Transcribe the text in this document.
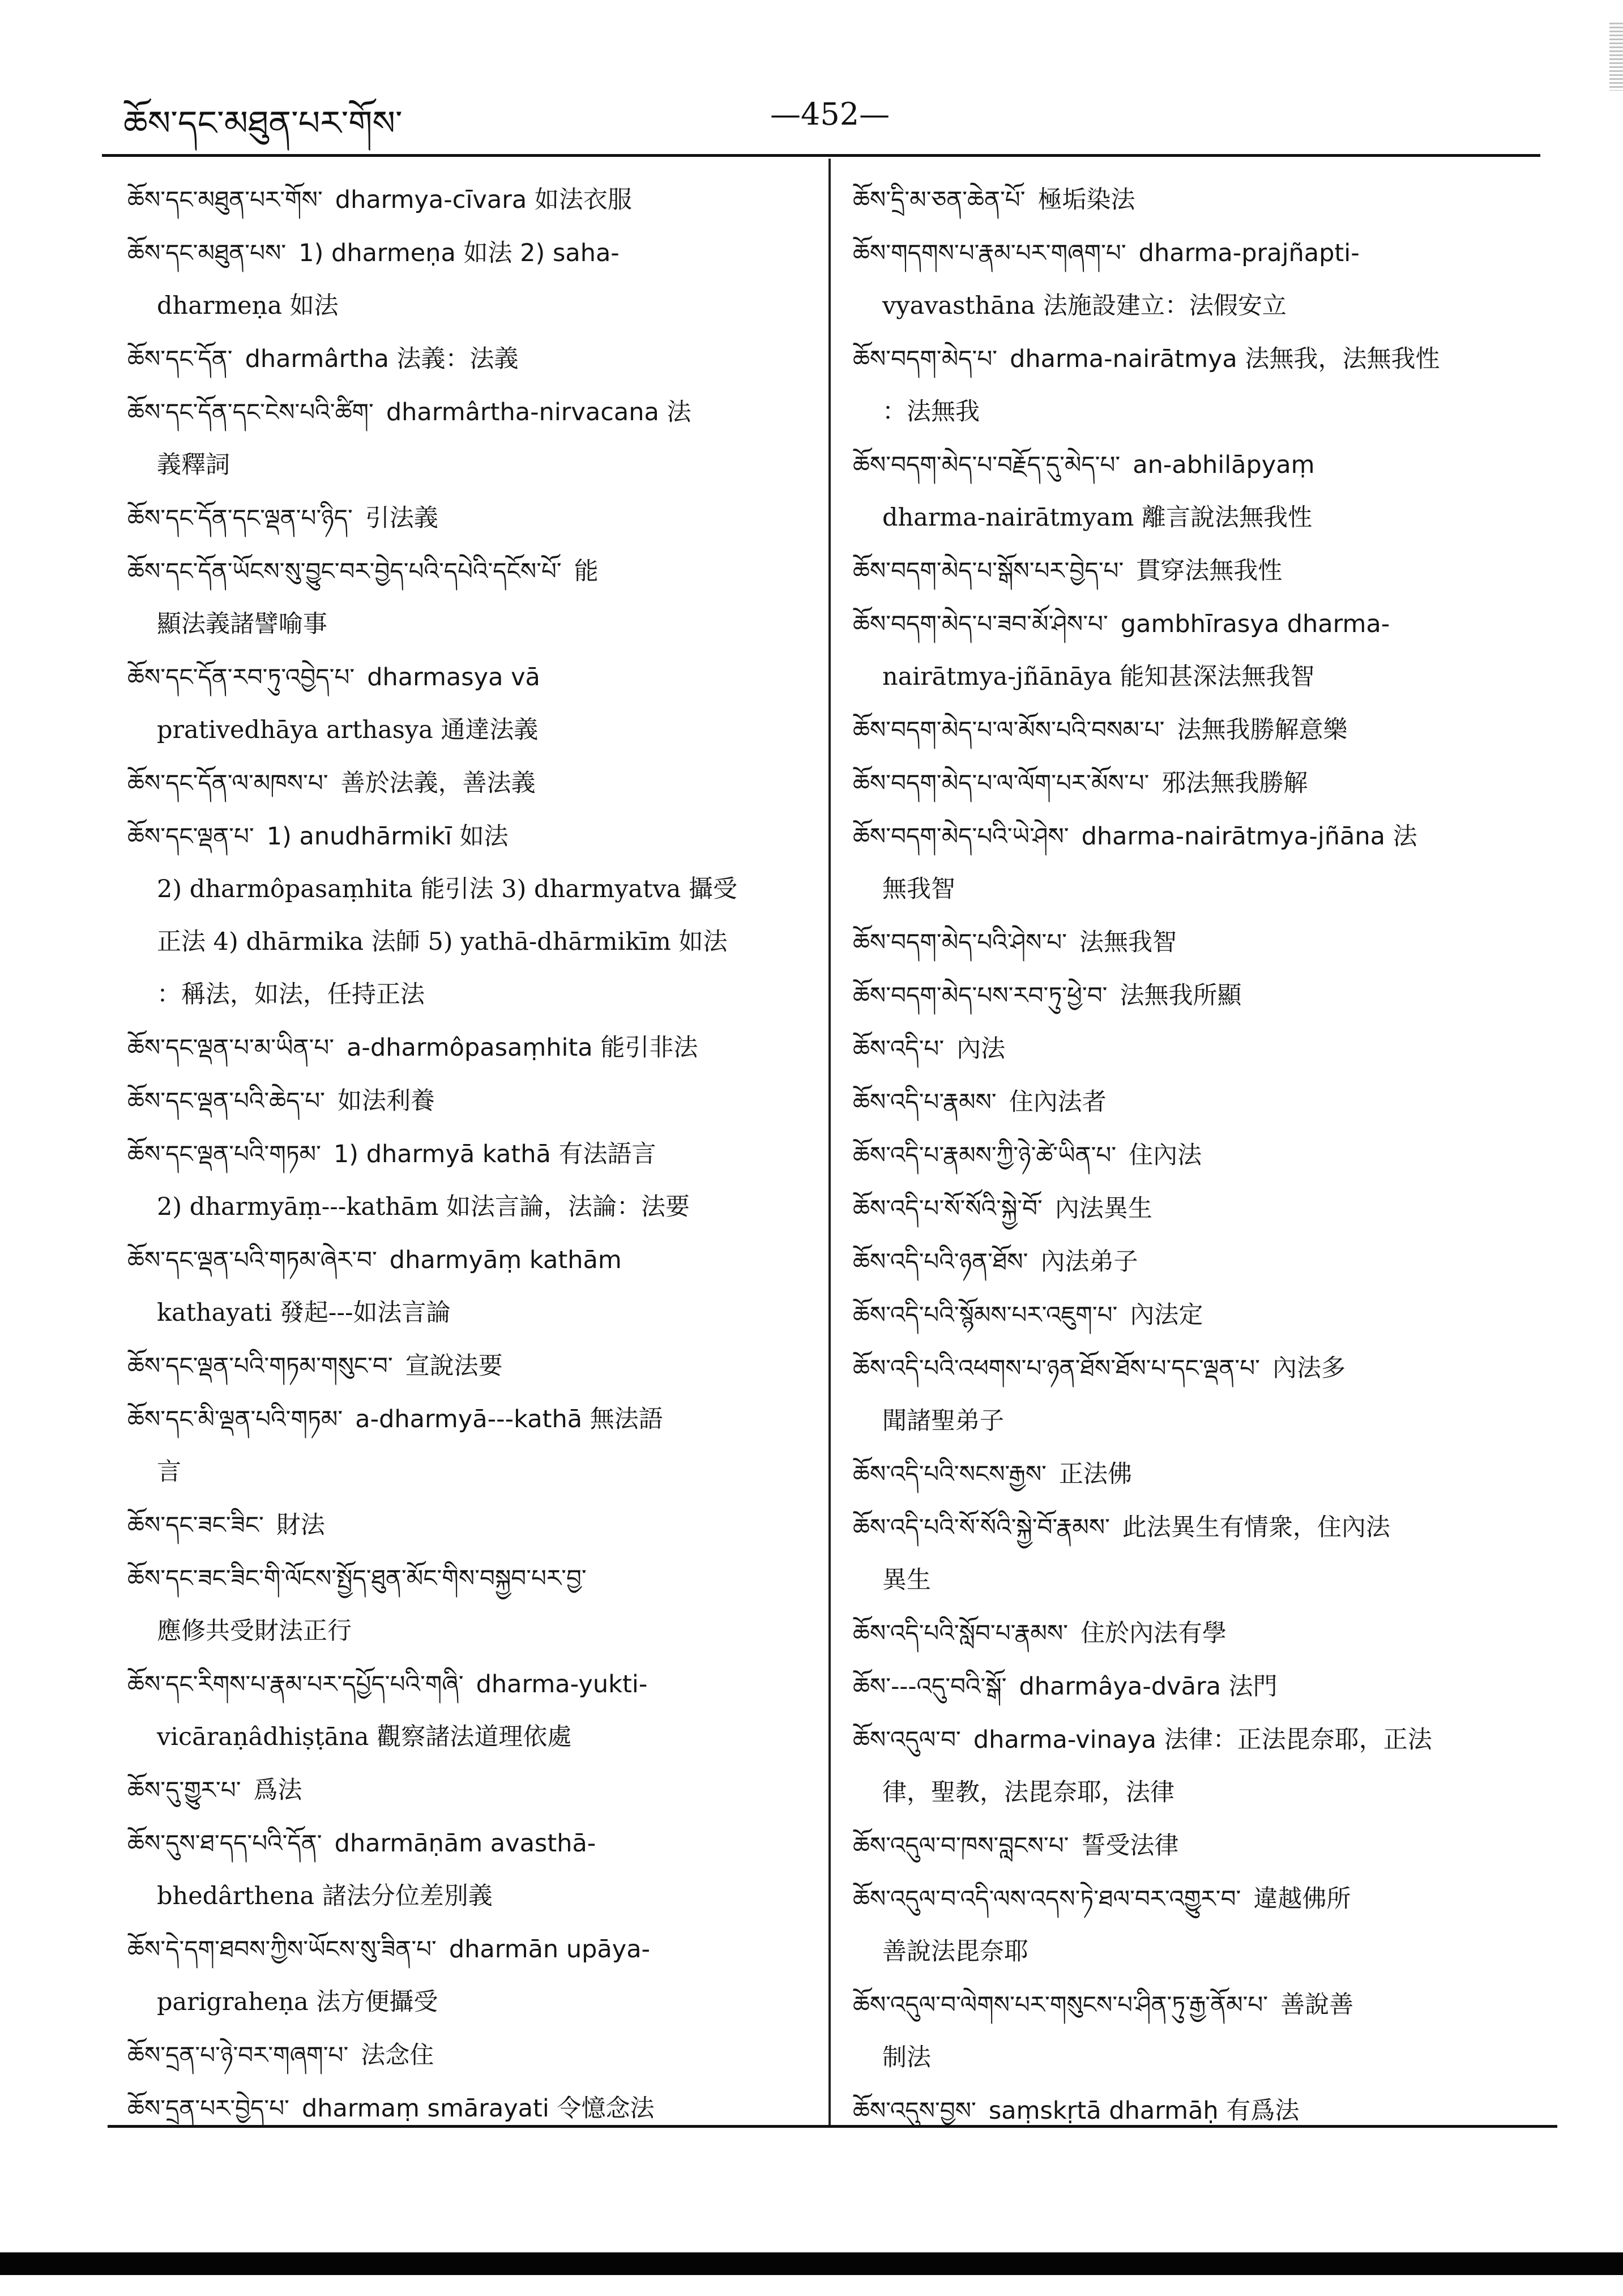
ཆོས་དང་མཐུན་པར་གོས་	—452—
ཆོས་དང་མཐུན་པར་གོས་ dharmya-cīvara 如法衣服
ཆོས་དང་མཐུན་པས་ 1) dharmeṇa 如法 2) saha-
dharmeṇa 如法
ཆོས་དང་དོན་ dharmârtha 法義：法義
ཆོས་དང་དོན་དང་ངེས་པའི་ཚིག་ dharmârtha-nirvacana 法
義釋詞
ཆོས་དང་དོན་དང་ལྡན་པ་ཉིད་ 引法義
ཆོས་དང་དོན་ཡོངས་སུ་བྱུང་བར་བྱེད་པའི་དཔེའི་དངོས་པོ་ 能
顯法義諸譬喻事
ཆོས་དང་དོན་རབ་ཏུ་འབྱེད་པ་ dharmasya vā
prativedhāya arthasya 通達法義
ཆོས་དང་དོན་ལ་མཁས་པ་ 善於法義，善法義
ཆོས་དང་ལྡན་པ་ 1) anudhārmikī 如法
2) dharmôpasaṃhita 能引法 3) dharmyatva 攝受
正法 4) dhārmika 法師 5) yathā-dhārmikīm 如法
：稱法，如法，任持正法
ཆོས་དང་ལྡན་པ་མ་ཡིན་པ་ a-dharmôpasaṃhita 能引非法
ཆོས་དང་ལྡན་པའི་ཆེད་པ་ 如法利養
ཆོས་དང་ལྡན་པའི་གཏམ་ 1) dharmyā kathā 有法語言
2) dharmyāṃ---kathām 如法言論，法論：法要
ཆོས་དང་ལྡན་པའི་གཏམ་ཞེར་བ་ dharmyāṃ kathām
kathayati 發起---如法言論
ཆོས་དང་ལྡན་པའི་གཏམ་གསུང་བ་ 宣說法要
ཆོས་དང་མི་ལྡན་པའི་གཏམ་ a-dharmyā---kathā 無法語
言
ཆོས་དང་ཟང་ཟིང་ 財法
ཆོས་དང་ཟང་ཟིང་གི་ལོངས་སྤྱོད་ཐུན་མོང་གིས་བསྐྱབ་པར་བྱ་
應修共受財法正行
ཆོས་དང་རིགས་པ་རྣམ་པར་དཔྱོད་པའི་གཞི་ dharma-yukti-
vicāraṇâdhiṣṭāna 觀察諸法道理依處
ཆོས་དུ་གྱུར་པ་ 爲法
ཆོས་དུས་ཐ་དད་པའི་དོན་ dharmāṇām avasthā-
bhedârthena 諸法分位差別義
ཆོས་དེ་དག་ཐབས་ཀྱིས་ཡོངས་སུ་ཟིན་པ་ dharmān upāya-
parigraheṇa 法方便攝受
ཆོས་དྲན་པ་ཉེ་བར་གཞག་པ་ 法念住
ཆོས་དྲན་པར་བྱེད་པ་ dharmaṃ smārayati 令憶念法
ཆོས་དྲི་མ་ཅན་ཆེན་པོ་ 極垢染法
ཆོས་གདགས་པ་རྣམ་པར་གཞག་པ་ dharma-prajñapti-
vyavasthāna 法施設建立：法假安立
ཆོས་བདག་མེད་པ་ dharma-nairātmya 法無我，法無我性
：法無我
ཆོས་བདག་མེད་པ་བརྗོད་དུ་མེད་པ་ an-abhilāpyaṃ
dharma-nairātmyam 離言說法無我性
ཆོས་བདག་མེད་པ་སྒོས་པར་བྱེད་པ་ 貫穿法無我性
ཆོས་བདག་མེད་པ་ཟབ་མོ་ཤེས་པ་ gambhīrasya dharma-
nairātmya-jñānāya 能知甚深法無我智
ཆོས་བདག་མེད་པ་ལ་མོས་པའི་བསམ་པ་ 法無我勝解意樂
ཆོས་བདག་མེད་པ་ལ་ལོག་པར་མོས་པ་ 邪法無我勝解
ཆོས་བདག་མེད་པའི་ཡེ་ཤེས་ dharma-nairātmya-jñāna 法
無我智
ཆོས་བདག་མེད་པའི་ཤེས་པ་ 法無我智
ཆོས་བདག་མེད་པས་རབ་ཏུ་ཕྱེ་བ་ 法無我所顯
ཆོས་འདི་པ་ 內法
ཆོས་འདི་པ་རྣམས་ 住內法者
ཆོས་འདི་པ་རྣམས་ཀྱི་ཉེ་ཚེ་ཡིན་པ་ 住內法
ཆོས་འདི་པ་སོ་སོའི་སྐྱེ་བོ་ 內法異生
ཆོས་འདི་པའི་ཉན་ཐོས་ 內法弟子
ཆོས་འདི་པའི་སྙོམས་པར་འཇུག་པ་ 內法定
ཆོས་འདི་པའི་འཕགས་པ་ཉན་ཐོས་ཐོས་པ་དང་ལྡན་པ་ 內法多
聞諸聖弟子
ཆོས་འདི་པའི་སངས་རྒྱས་ 正法佛
ཆོས་འདི་པའི་སོ་སོའི་སྐྱེ་བོ་རྣམས་ 此法異生有情衆，住內法
異生
ཆོས་འདི་པའི་སློབ་པ་རྣམས་ 住於內法有學
ཆོས་---འདུ་བའི་སྒོ་ dharmâya-dvāra 法門
ཆོས་འདུལ་བ་ dharma-vinaya 法律：正法毘奈耶，正法
律，聖教，法毘奈耶，法律
ཆོས་འདུལ་བ་ཁས་བླངས་པ་ 誓受法律
ཆོས་འདུལ་བ་འདི་ལས་འདས་ཏེ་ཐལ་བར་འགྱུར་བ་ 違越佛所
善說法毘奈耶
ཆོས་འདུལ་བ་ལེགས་པར་གསུངས་པ་ཤིན་ཏུ་རྒྱ་ནོམ་པ་ 善說善
制法
ཆོས་འདུས་བྱས་ saṃskṛtā dharmāḥ 有爲法
